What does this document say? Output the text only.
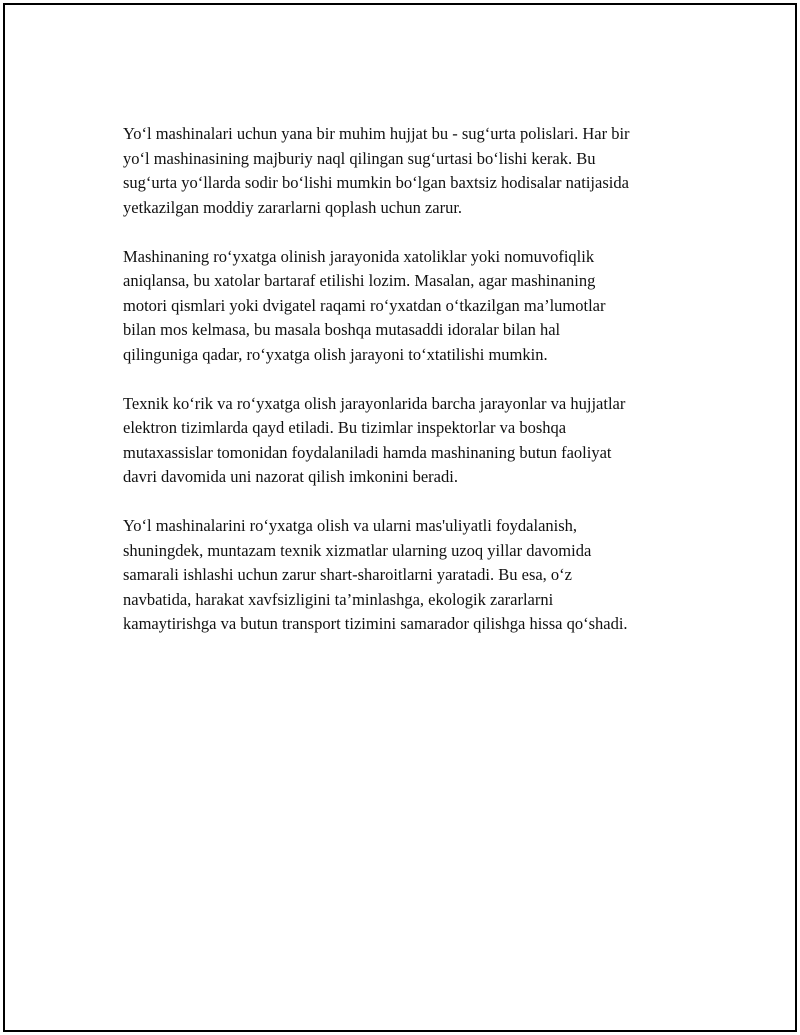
Yo‘l mashinalari uchun yana bir muhim hujjat bu - sug‘urta polislari. Har bir
yo‘l mashinasining majburiy naql qilingan sug‘urtasi bo‘lishi kerak. Bu
sug‘urta yo‘llarda sodir bo‘lishi mumkin bo‘lgan baxtsiz hodisalar natijasida
yetkazilgan moddiy zararlarni qoplash uchun zarur.

Mashinaning ro‘yxatga olinish jarayonida xatoliklar yoki nomuvofiqlik
aniqlansa, bu xatolar bartaraf etilishi lozim. Masalan, agar mashinaning
motori qismlari yoki dvigatel raqami ro‘yxatdan o‘tkazilgan ma’lumotlar
bilan mos kelmasa, bu masala boshqa mutasaddi idoralar bilan hal
qilinguniga qadar, ro‘yxatga olish jarayoni to‘xtatilishi mumkin.

Texnik ko‘rik va ro‘yxatga olish jarayonlarida barcha jarayonlar va hujjatlar
elektron tizimlarda qayd etiladi. Bu tizimlar inspektorlar va boshqa
mutaxassislar tomonidan foydalaniladi hamda mashinaning butun faoliyat
davri davomida uni nazorat qilish imkonini beradi.

Yo‘l mashinalarini ro‘yxatga olish va ularni mas'uliyatli foydalanish,
shuningdek, muntazam texnik xizmatlar ularning uzoq yillar davomida
samarali ishlashi uchun zarur shart-sharoitlarni yaratadi. Bu esa, o‘z
navbatida, harakat xavfsizligini ta’minlashga, ekologik zararlarni
kamaytirishga va butun transport tizimini samarador qilishga hissa qo‘shadi.
